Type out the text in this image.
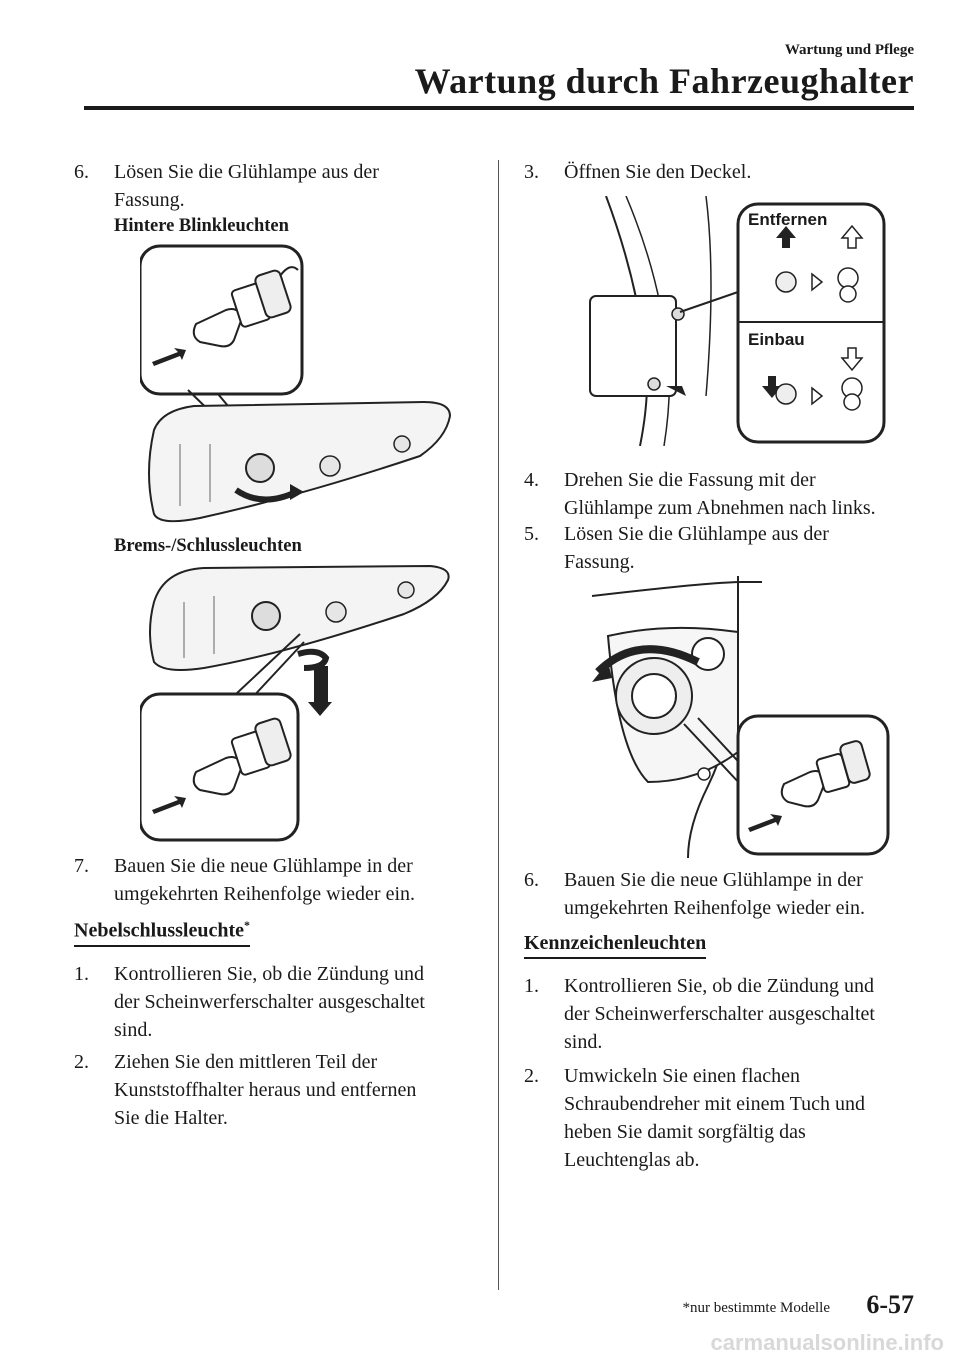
Wartung und Pflege
Wartung durch Fahrzeughalter
6.	Lösen Sie die Glühlampe aus der
Fassung.
Hintere Blinkleuchten
Brems-/Schlussleuchten
7.	Bauen Sie die neue Glühlampe in der
umgekehrten Reihenfolge wieder ein.
Nebelschlussleuchte*
1.	Kontrollieren Sie, ob die Zündung und
der Scheinwerferschalter ausgeschaltet
sind.
2.	Ziehen Sie den mittleren Teil der
Kunststoffhalter heraus und entfernen
Sie die Halter.
3.	Öffnen Sie den Deckel.
Entfernen
Einbau
4.	Drehen Sie die Fassung mit der
Glühlampe zum Abnehmen nach links.
5.	Lösen Sie die Glühlampe aus der
Fassung.
6.	Bauen Sie die neue Glühlampe in der
umgekehrten Reihenfolge wieder ein.
Kennzeichenleuchten
1.	Kontrollieren Sie, ob die Zündung und
der Scheinwerferschalter ausgeschaltet
sind.
2.	Umwickeln Sie einen flachen
Schraubendreher mit einem Tuch und
heben Sie damit sorgfältig das
Leuchtenglas ab.
*nur bestimmte Modelle 6-57
carmanualsonline.info
